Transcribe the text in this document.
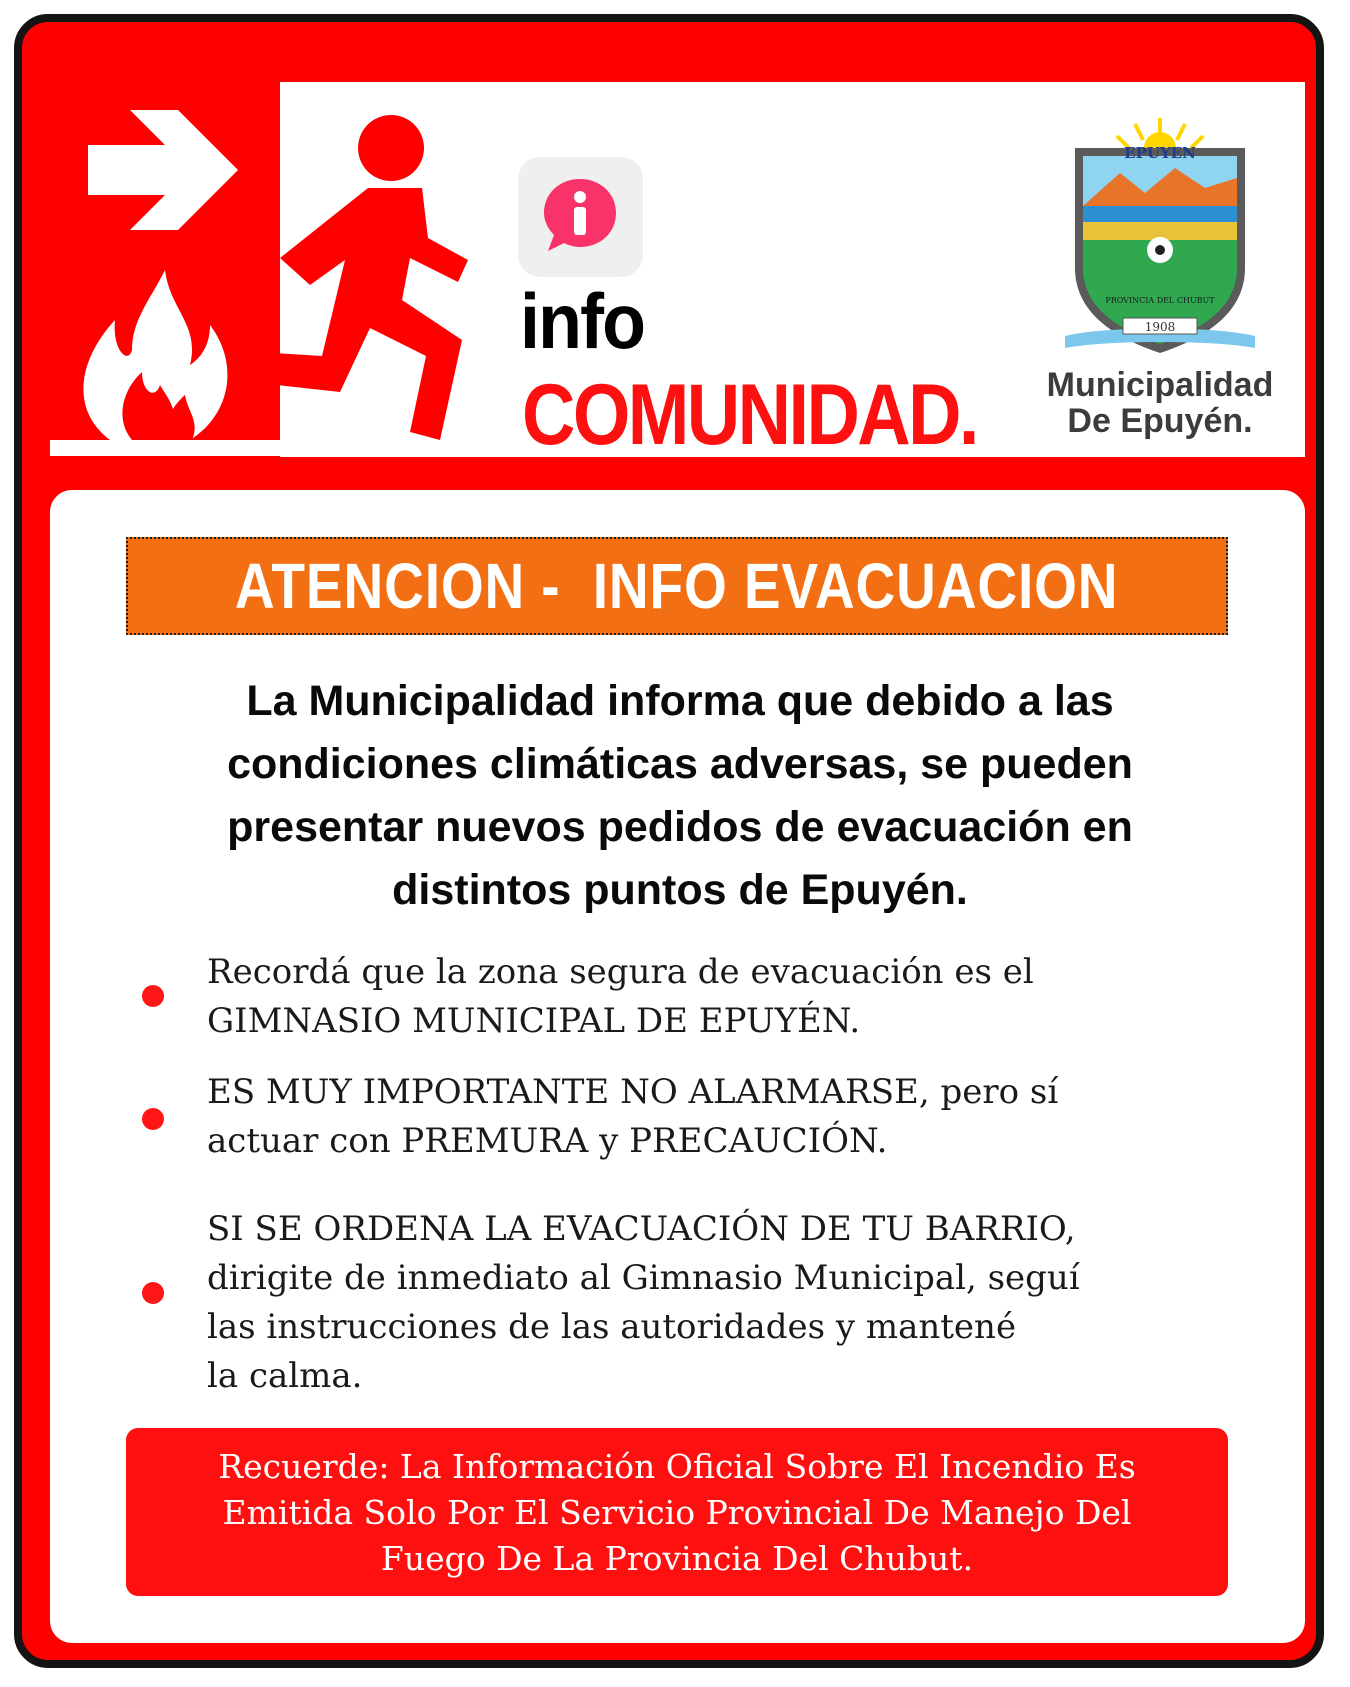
info
COMUNIDAD.
EPUYEN
PROVINCIA DEL CHUBUT
1908
Municipalidad
De Epuyén.
ATENCION -  INFO EVACUACION
La Municipalidad informa que debido a las
condiciones climáticas adversas, se pueden
presentar nuevos pedidos de evacuación en
distintos puntos de Epuyén.
Recordá que la zona segura de evacuación es el
GIMNASIO MUNICIPAL DE EPUYÉN.
ES MUY IMPORTANTE NO ALARMARSE, pero sí
actuar con PREMURA y PRECAUCIÓN.
SI SE ORDENA LA EVACUACIÓN DE TU BARRIO,
dirigite de inmediato al Gimnasio Municipal, seguí
las instrucciones de las autoridades y mantené
la calma.
Recuerde: La Información Oficial Sobre El Incendio Es
Emitida Solo Por El Servicio Provincial De Manejo Del
Fuego De La Provincia Del Chubut.
